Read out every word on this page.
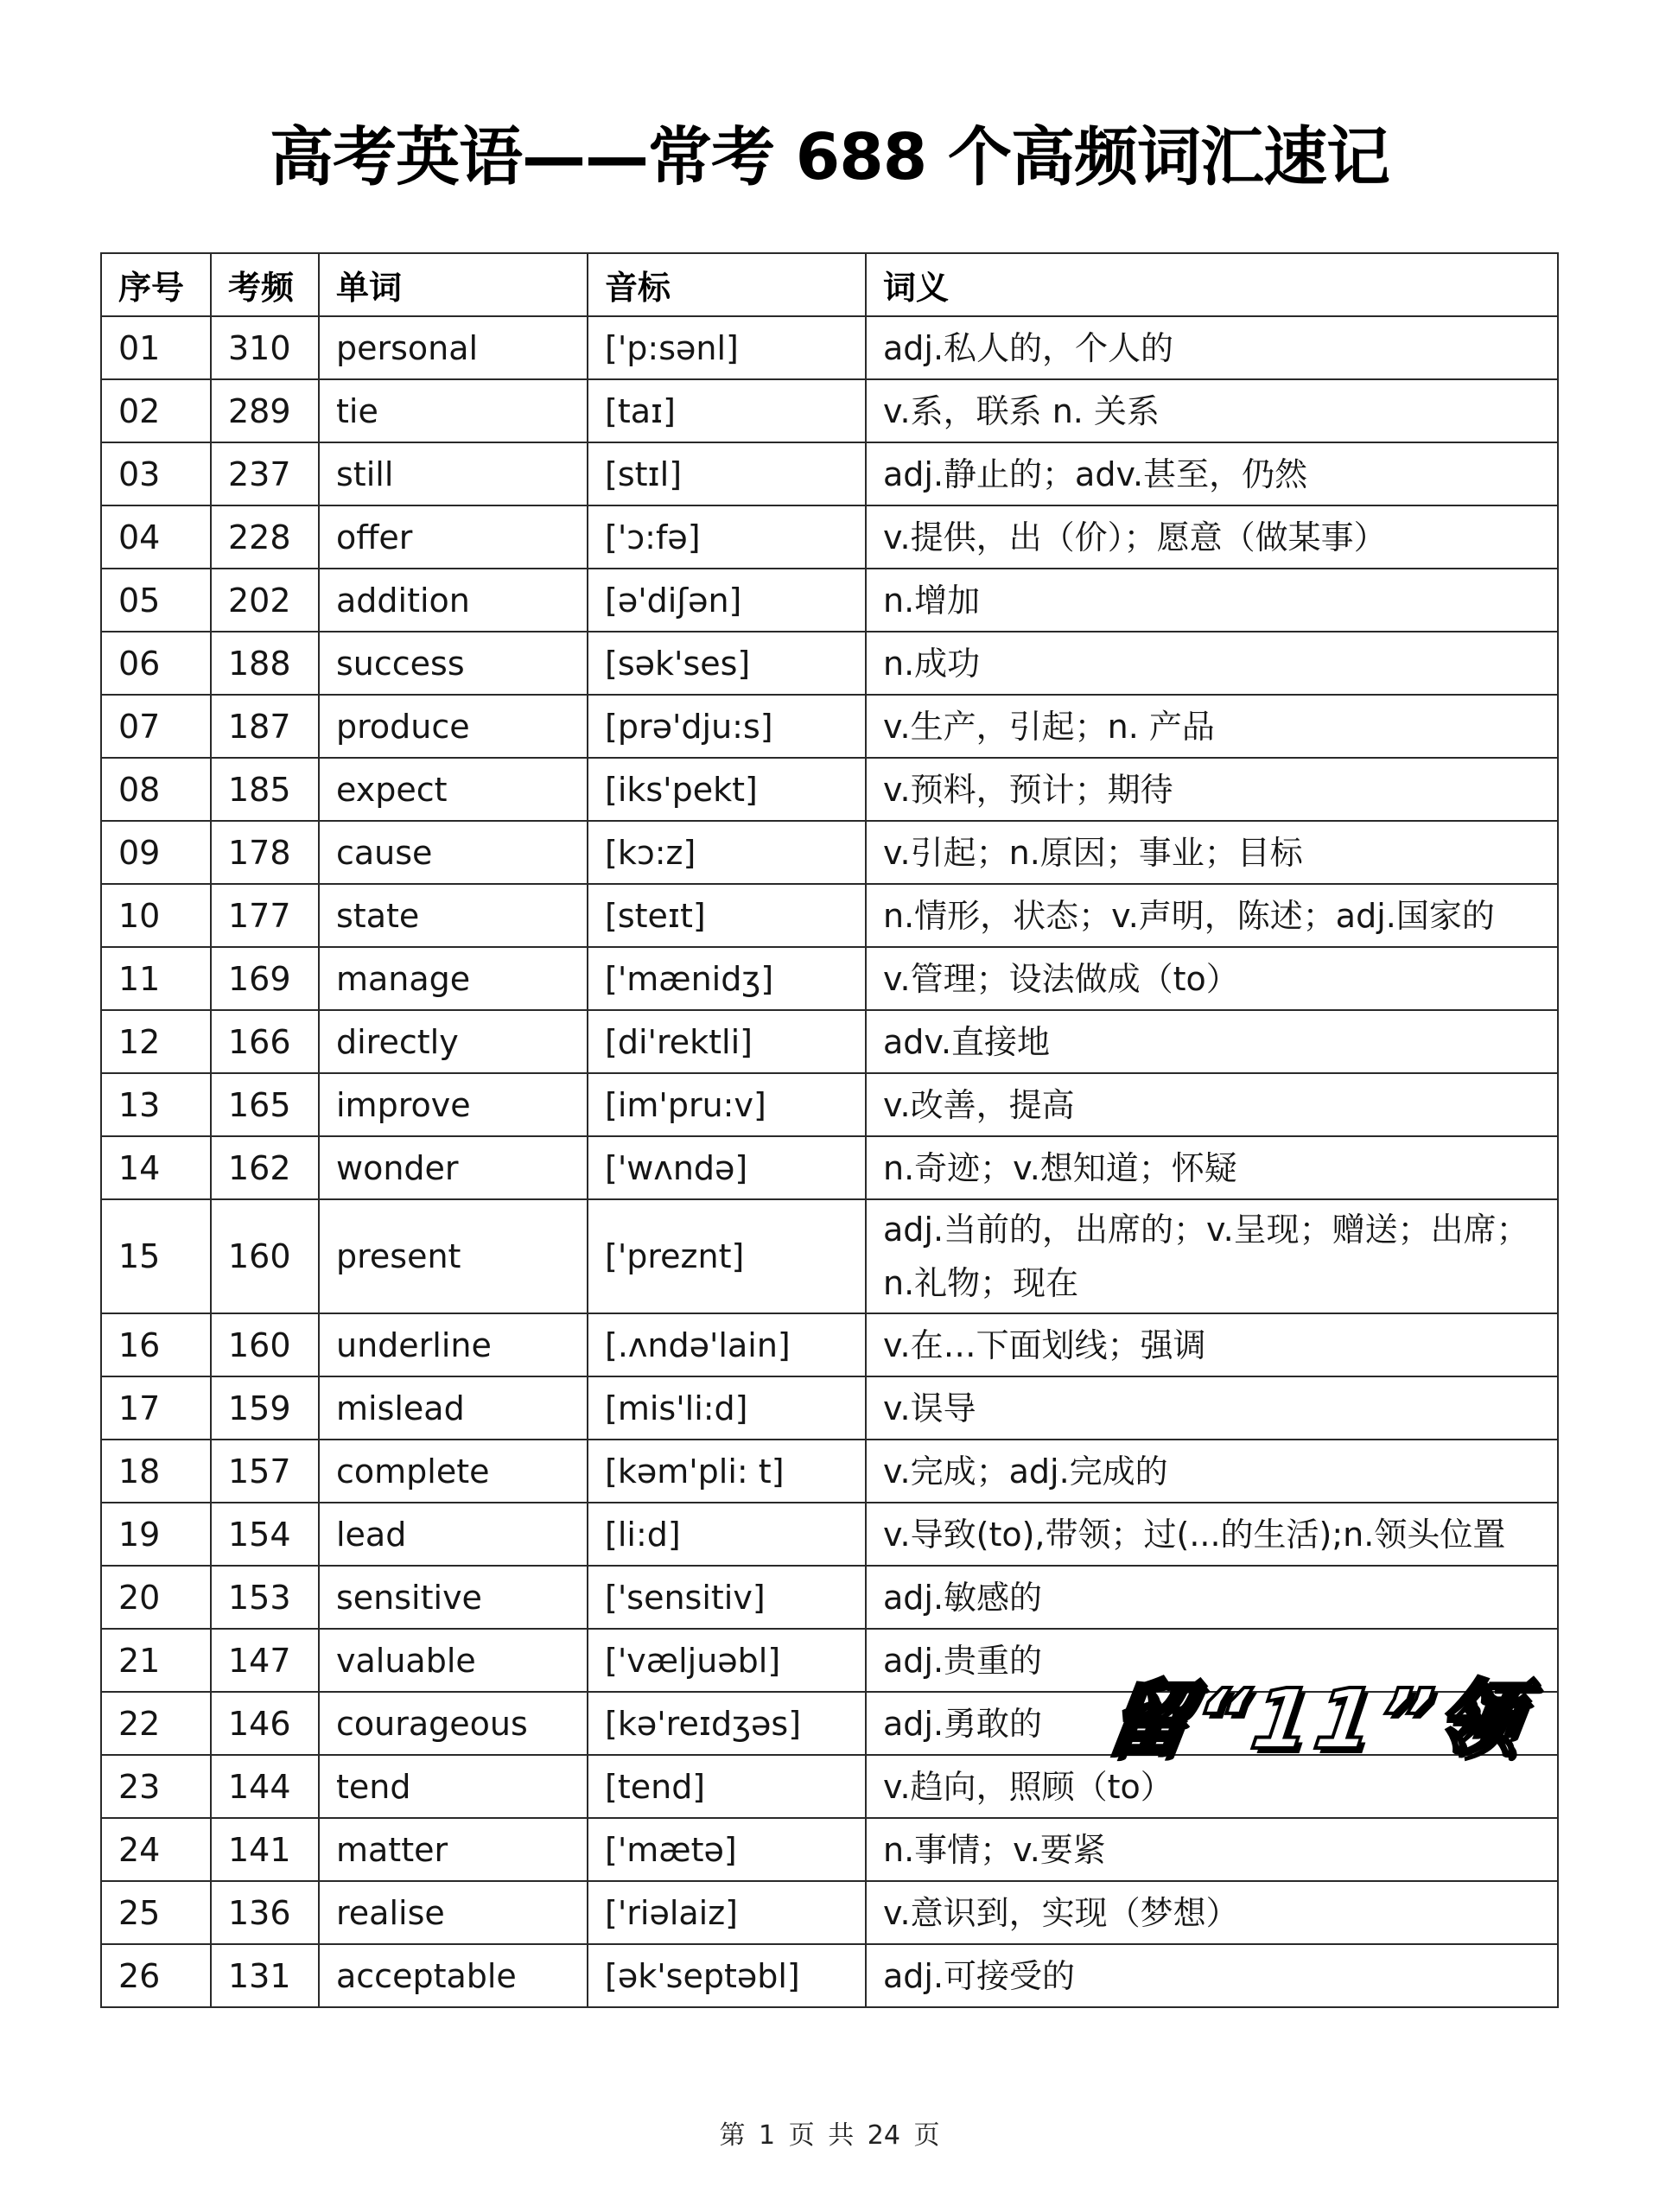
高考英语——常考 688 个高频词汇速记
序号	考频	单词	音标	词义
01	310	personal	['p:sənl]	adj.私人的，个人的
02	289	tie	[taɪ]	v.系，联系 n. 关系
03	237	still	[stɪl]	adj.静止的；adv.甚至，仍然
04	228	offer	['ɔ:fə]	v.提供，出（价）；愿意（做某事）
05	202	addition	[ə'diʃən]	n.增加
06	188	success	[sək'ses]	n.成功
07	187	produce	[prə'dju:s]	v.生产，引起；n. 产品
08	185	expect	[iks'pekt]	v.预料，预计；期待
09	178	cause	[kɔ:z]	v.引起；n.原因；事业；目标
10	177	state	[steɪt]	n.情形，状态；v.声明，陈述；adj.国家的
11	169	manage	['mænidʒ]	v.管理；设法做成（to）
12	166	directly	[di'rektli]	adv.直接地
13	165	improve	[im'pru:v]	v.改善，提高
14	162	wonder	['wʌndə]	n.奇迹；v.想知道；怀疑
15	160	present	['preznt]	adj.当前的，出席的；v.呈现；赠送；出席；
n.礼物；现在

16	160	underline	[.ʌndə'lain]	v.在…下面划线；强调
17	159	mislead	[mis'li:d]	v.误导
18	157	complete	[kəm'pli: t]	v.完成；adj.完成的
19	154	lead	[li:d]	v.导致(to),带领；过(...的生活);n.领头位置
20	153	sensitive	['sensitiv]	adj.敏感的
21	147	valuable	['væljuəbl]	adj.贵重的
22	146	courageous	[kə'reɪdʒəs]	adj.勇敢的
23	144	tend	[tend]	v.趋向，照顾（to）
24	141	matter	['mætə]	n.事情；v.要紧
25	136	realise	['riəlaiz]	v.意识到，实现（梦想）
26	131	acceptable	[ək'septəbl]	adj.可接受的
留“11”领
第 1 页 共 24 页
